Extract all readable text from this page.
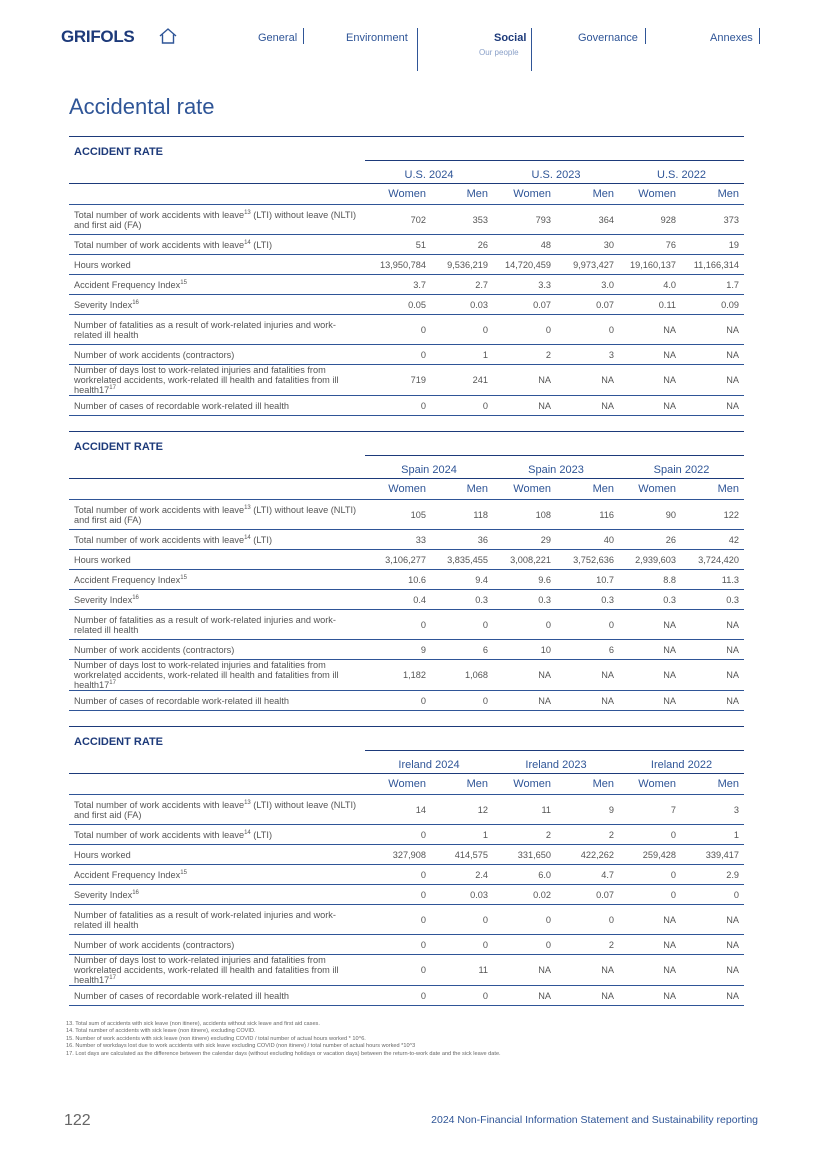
GRIFOLS	General	Environment	Social
Our people
Governance	Annexes
Accidental rate
ACCIDENT RATE						
	U.S. 2024		U.S. 2023		U.S. 2022	
	Women	Men	Women	Men	Women	Men
Total number of work accidents with leave$^{13}$ (LTI) without leave (NLTI) and first aid (FA)	702	353	793	364	928	373
Total number of work accidents with leave$^{14}$ (LTI)	51	26	48	30	76	19
Hours worked	13,950,784	9,536,219	14,720,459	9,973,427	19,160,137	11,166,314
Accident Frequency Index$^{15}$	3.7	2.7	3.3	3.0	4.0	1.7
Severity Index$^{16}$	0.05	0.03	0.07	0.07	0.11	0.09
Number of fatalities as a result of work-related injuries and work-related ill health	0	0	0	0	NA	NA
Number of work accidents (contractors)	0	1	2	3	NA	NA
Number of days lost to work-related injuries and fatalities from workrelated accidents, work-related ill health and fatalities from ill $health17^{17}$	719	241	NA	NA	NA	NA
Number of cases of recordable work-related ill health	0	0	NA	NA	NA	NA
ACCIDENT RATE						
	Spain 2024		Spain 2023		Spain 2022	
	Women	Men	Women	Men	Women	Men
Total number of work accidents with leave$^{13}$ (LTI) without leave (NLTI) and first aid (FA)	105	118	108	116	90	122
Total number of work accidents with leave$^{14}$ (LTI)	33	36	29	40	26	42
Hours worked	3,106,277	3,835,455	3,008,221	3,752,636	2,939,603	3,724,420
Accident Frequency Index$^{15}$	10.6	9.4	9.6	10.7	8.8	11.3
Severity Index$^{16}$	0.4	0.3	0.3	0.3	0.3	0.3
Number of fatalities as a result of work-related injuries and work-related ill health	0	0	0	0	NA	NA
Number of work accidents (contractors)	9	6	10	6	NA	NA
Number of days lost to work-related injuries and fatalities from workrelated accidents, work-related ill health and fatalities from ill $health17^{17}$	1,182	1,068	NA	NA	NA	NA
Number of cases of recordable work-related ill health	0	0	NA	NA	NA	NA
ACCIDENT RATE						
	Ireland 2024		Ireland 2023		Ireland 2022	
	Women	Men	Women	Men	Women	Men
Total number of work accidents with leave$^{13}$ (LTI) without leave (NLTI) and first aid (FA)	14	12	11	9	7	3
Total number of work accidents with leave$^{14}$ (LTI)	0	1	2	2	0	1
Hours worked	327,908	414,575	331,650	422,262	259,428	339,417
Accident Frequency Index$^{15}$	0	2.4	6.0	4.7	0	2.9
Severity Index$^{16}$	0	0.03	0.02	0.07	0	0
Number of fatalities as a result of work-related injuries and work-related ill health	0	0	0	0	NA	NA
Number of work accidents (contractors)	0	0	0	2	NA	NA
Number of days lost to work-related injuries and fatalities from workrelated accidents, work-related ill health and fatalities from ill $health17^{17}$	0	11	NA	NA	NA	NA
Number of cases of recordable work-related ill health	0	0	NA	NA	NA	NA
13. Total sum of accidents with sick leave (non itinere), accidents without sick leave and first aid cases.
14. Total number of accidents with sick leave (non itinere), excluding COVID.
15. Number of work accidents with sick leave (non itinere) excluding COVID / total number of actual hours worked * 10^6.
16. Number of workdays lost due to work accidents with sick leave excluding COVID (non itinere) / total number of actual hours worked *10^3
17. Lost days are calculated as the difference between the calendar days (without excluding holidays or vacation days) between the return-to-work date and the sick leave date.
122	2024 Non-Financial Information Statement and Sustainability reporting
